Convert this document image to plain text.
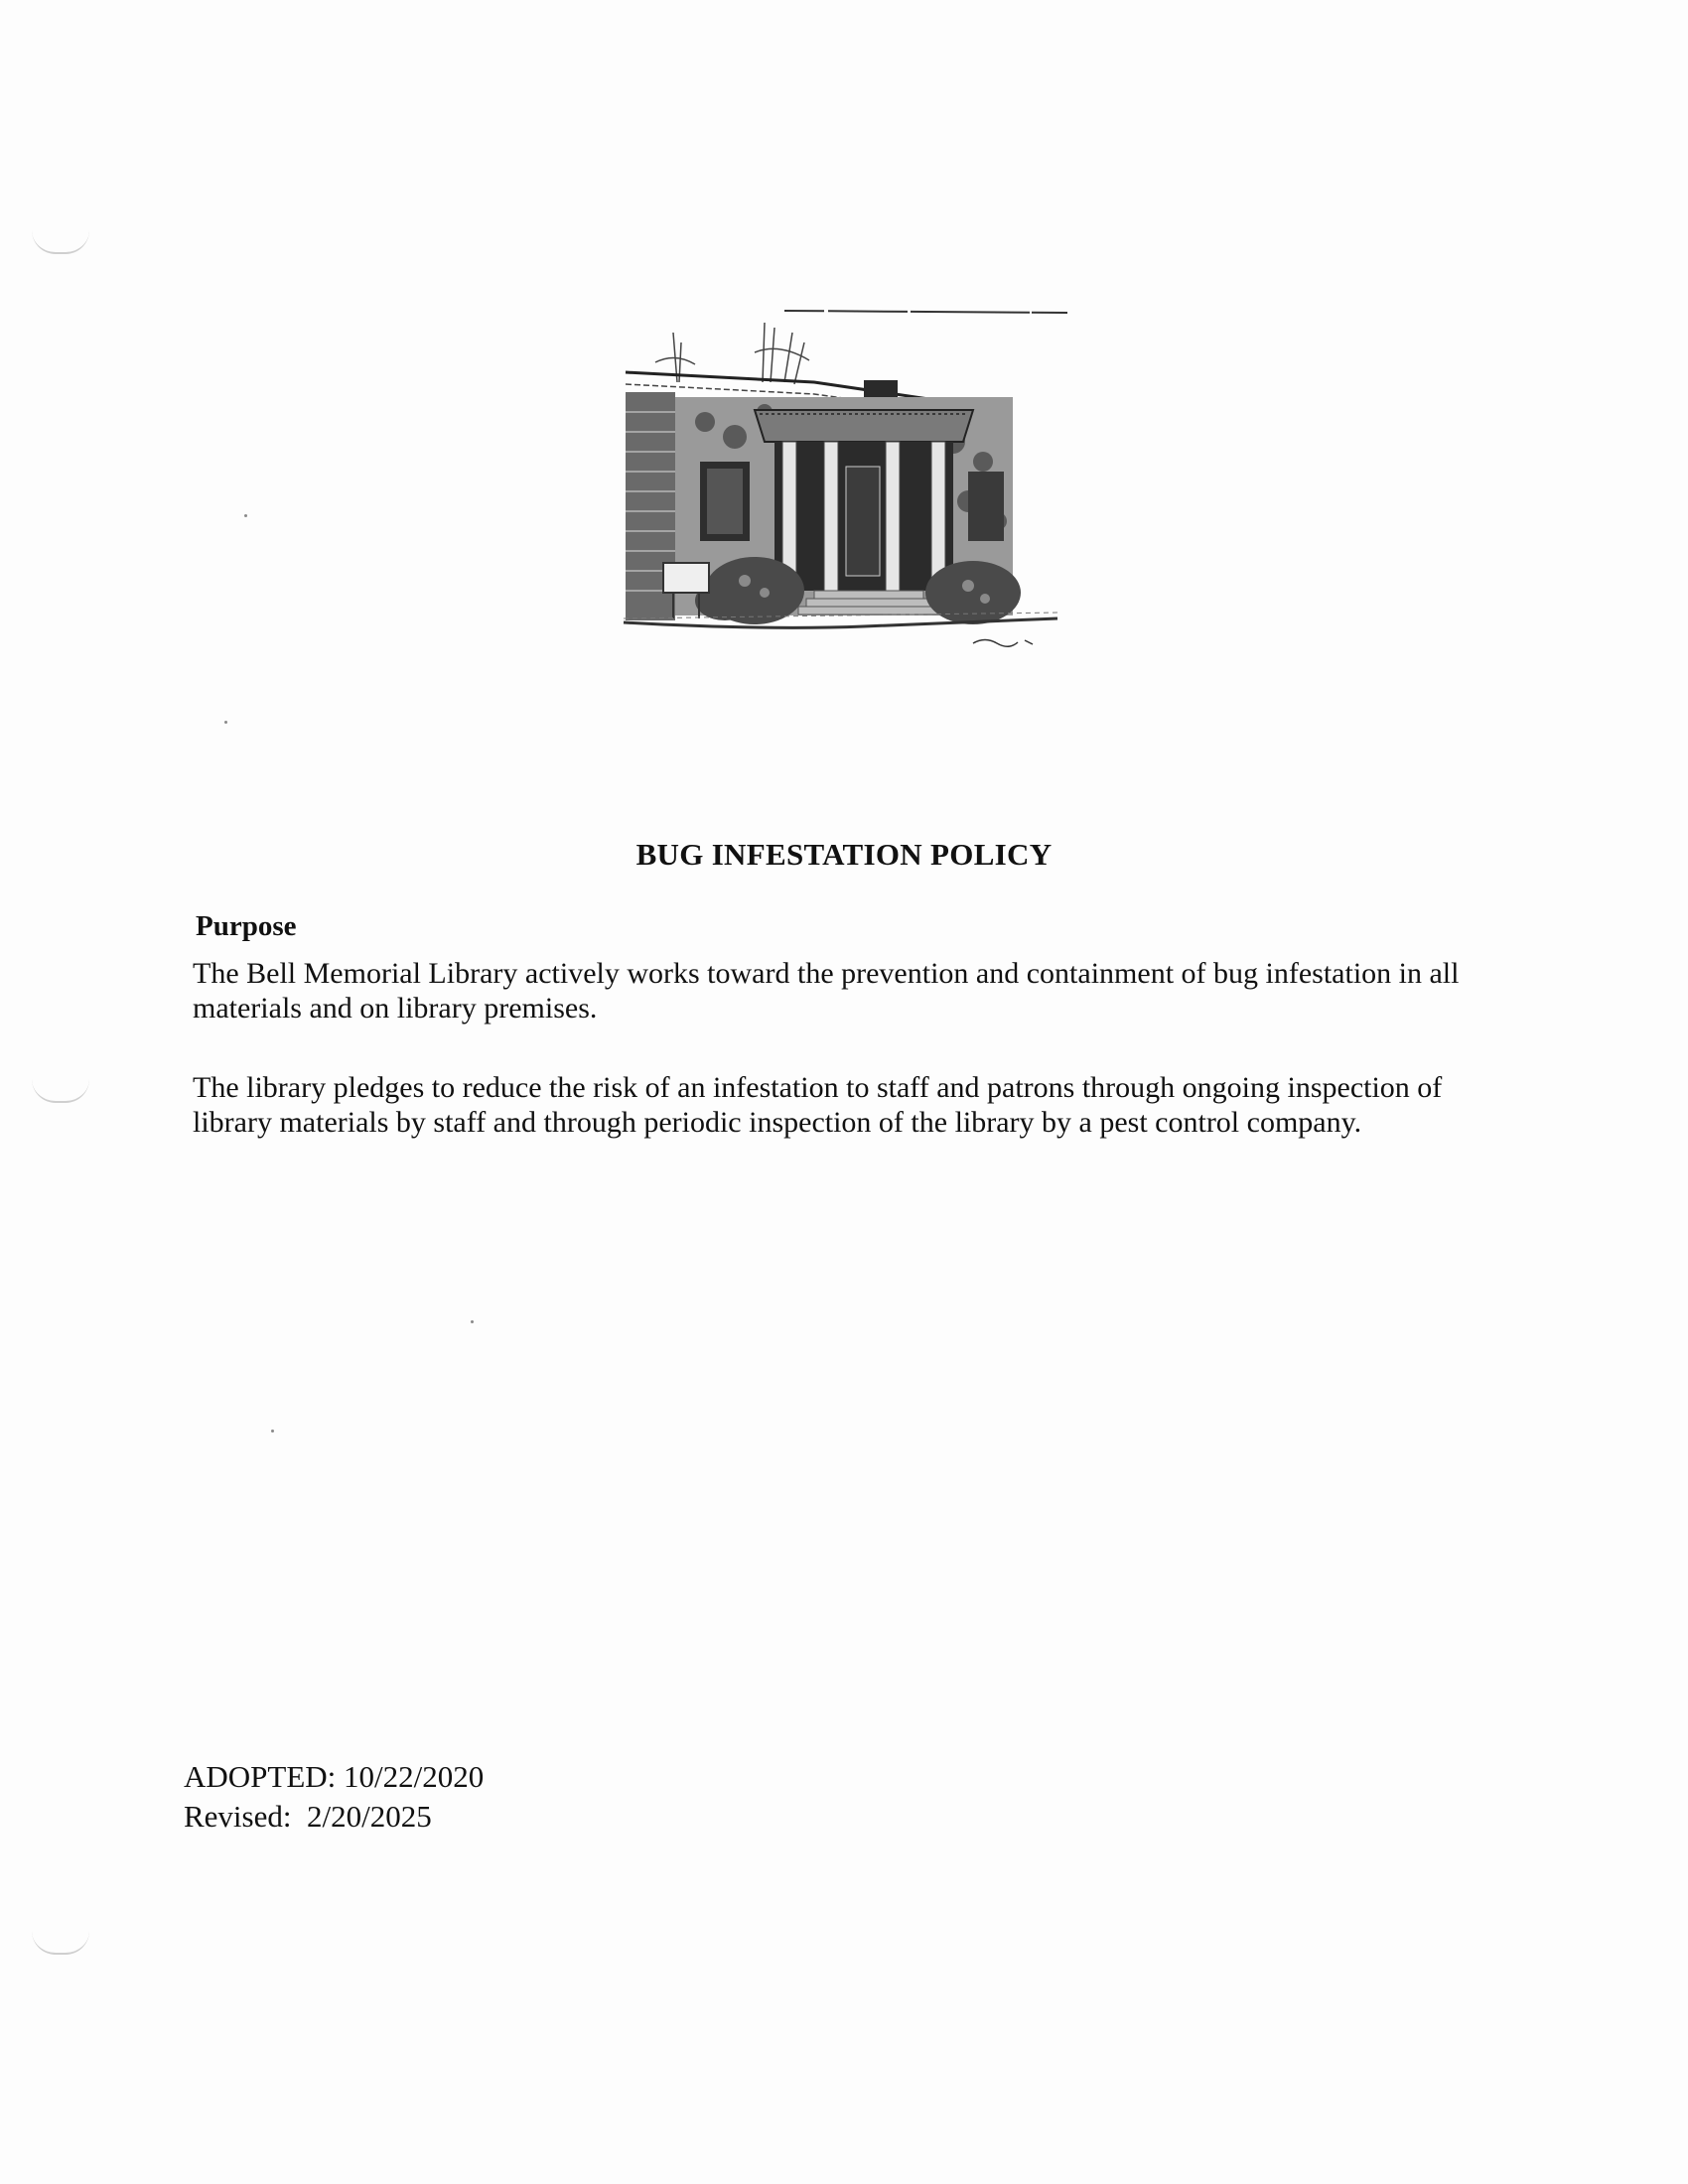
BUG INFESTATION POLICY
Purpose

The Bell Memorial Library actively works toward the prevention and containment of bug infestation in all materials and on library premises.

The library pledges to reduce the risk of an infestation to staff and patrons through ongoing inspection of library materials by staff and through periodic inspection of the library by a pest control company.

ADOPTED: 10/22/2020
Revised:  2/20/2025
